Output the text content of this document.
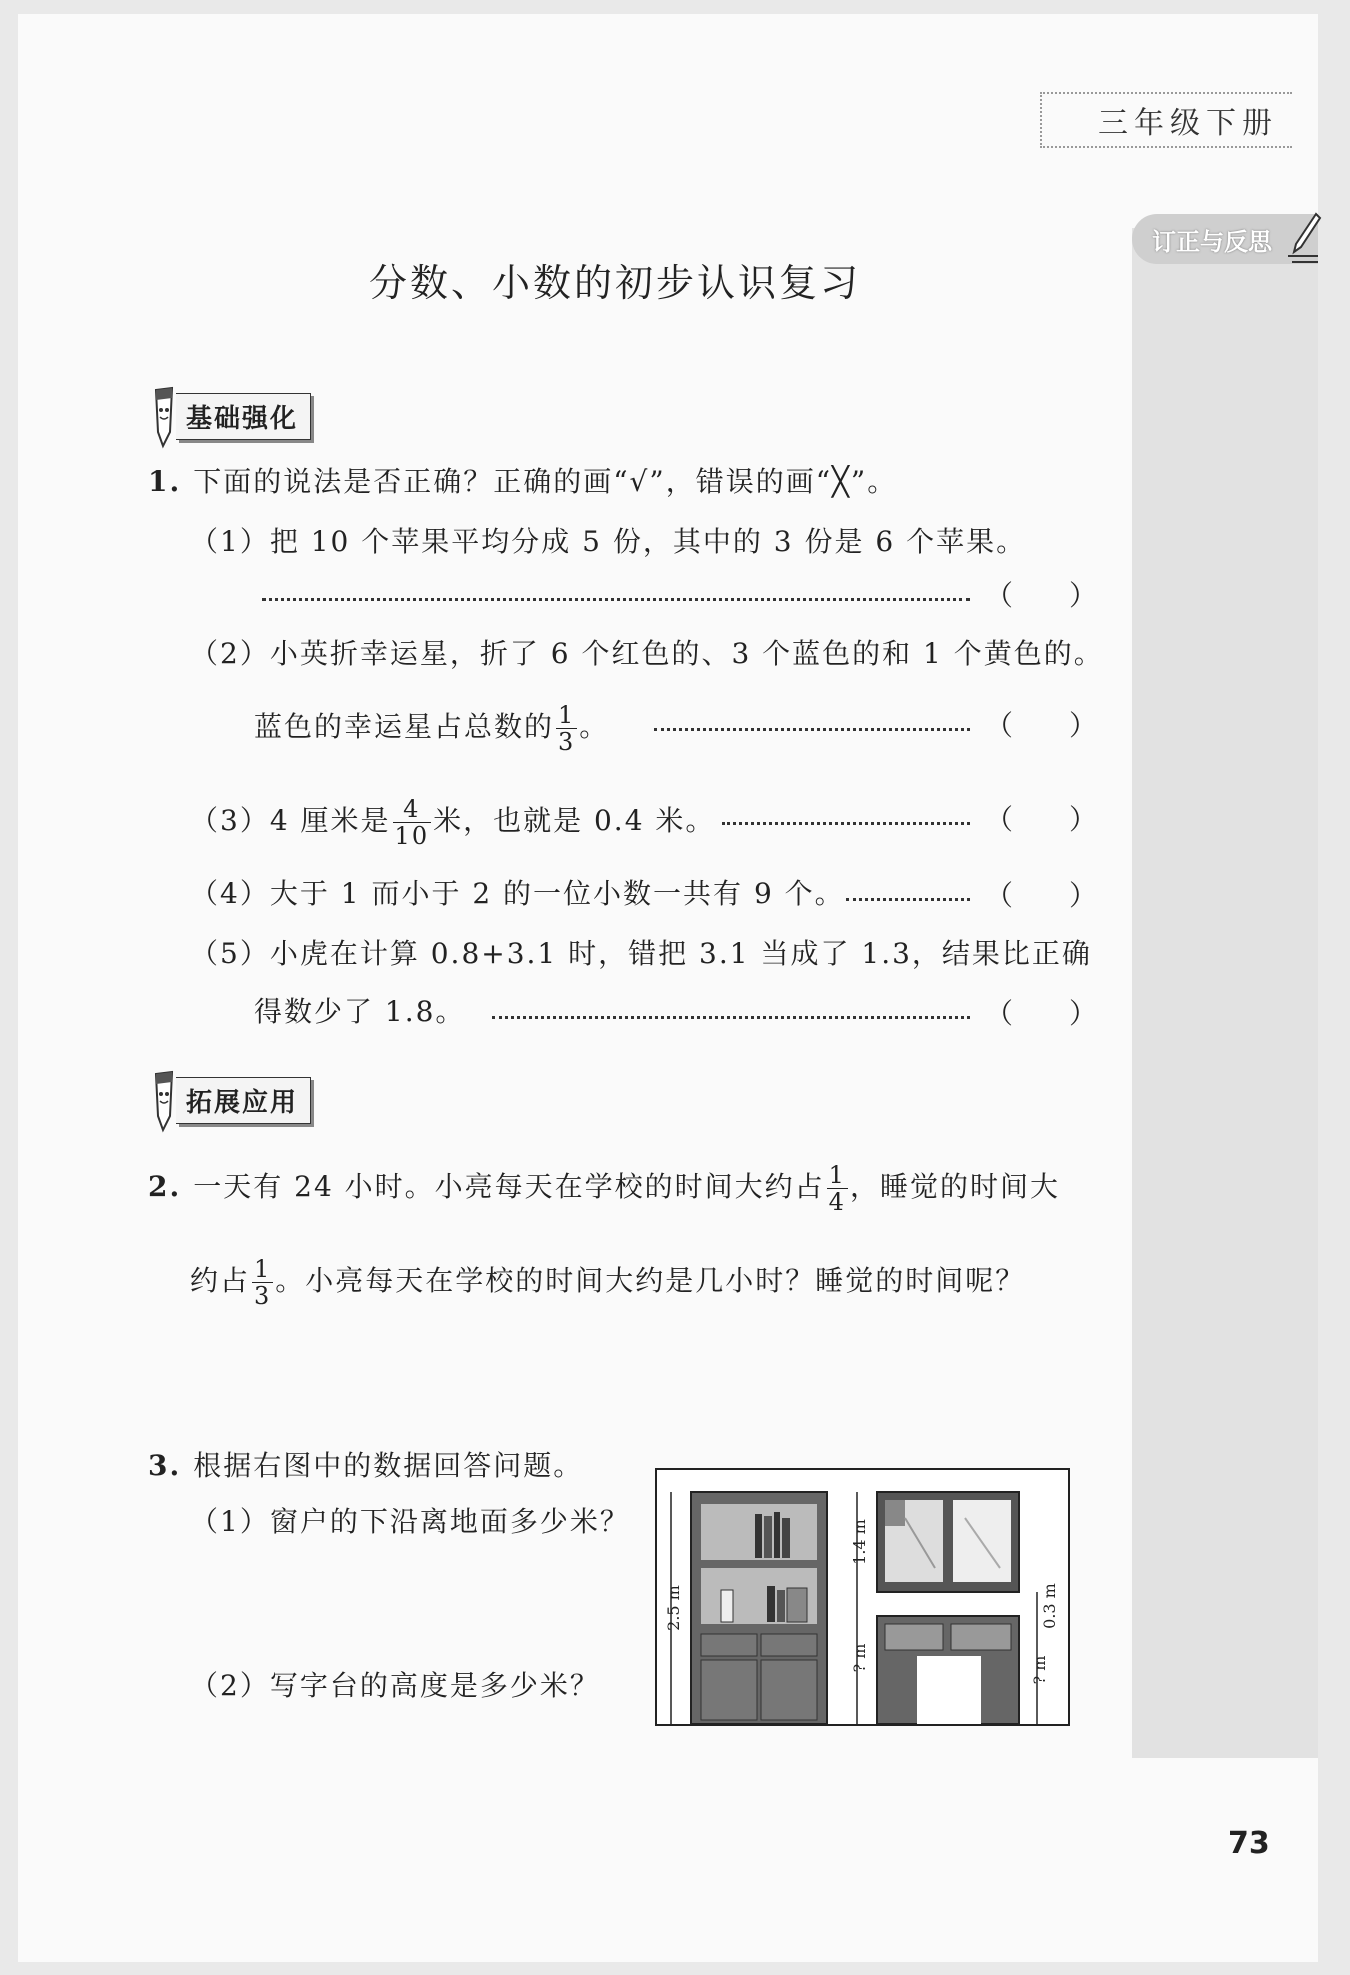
三年级下册
订正与反思
分数、小数的初步认识复习
基础强化
1. 下面的说法是否正确？正确的画“√”，错误的画“╳”。
（1）把 10 个苹果平均分成 5 份，其中的 3 份是 6 个苹果。
（　　）
（2）小英折幸运星，折了 6 个红色的、3 个蓝色的和 1 个黄色的。
蓝色的幸运星占总数的 $\frac{1}{3}$ 。	（　　）
（3）4 厘米是 $\frac{4}{10}$ 米，也就是 0.4 米。	（　　）
（4）大于 1 而小于 2 的一位小数一共有 9 个。	（　　）
（5）小虎在计算 0.8+3.1 时，错把 3.1 当成了 1.3，结果比正确
得数少了 1.8。	（　　）
拓展应用
2. 一天有 24 小时。小亮每天在学校的时间大约占 $\frac{1}{4}$ ，睡觉的时间大
约占 $\frac{1}{3}$ 。小亮每天在学校的时间大约是几小时？睡觉的时间呢？
3. 根据右图中的数据回答问题。
（1）窗户的下沿离地面多少米？
（2）写字台的高度是多少米？
2.5 m
1.4 m
? m
0.3 m
? m
73
